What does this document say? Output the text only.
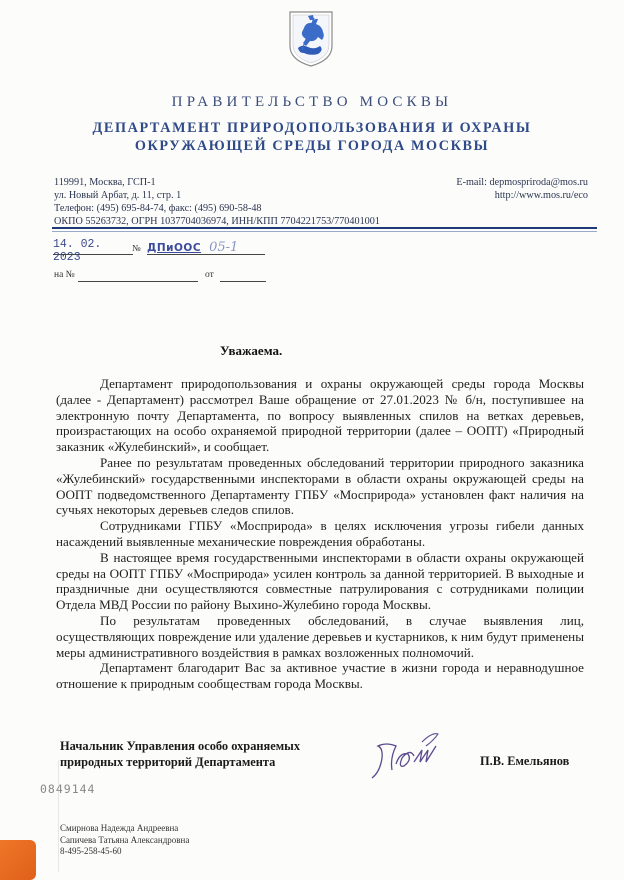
ПРАВИТЕЛЬСТВО МОСКВЫ
ДЕПАРТАМЕНТ ПРИРОДОПОЛЬЗОВАНИЯ И ОХРАНЫ
ОКРУЖАЮЩЕЙ СРЕДЫ ГОРОДА МОСКВЫ
119991, Москва, ГСП-1
ул. Новый Арбат, д. 11, стр. 1
Телефон: (495) 695-84-74, факс: (495) 690-58-48
ОКПО 55263732, ОГРН 1037704036974, ИНН/КПП 7704221753/770401001
E-mail: depmospriroda@mos.ru
http://www.mos.ru/eco
14. 02. 2023
№ ДПиООС 05-1
на №	от
Уважаема.

Департамент природопользования и охраны окружающей среды города Москвы (далее - Департамент) рассмотрел Ваше обращение от 27.01.2023 № б/н, поступившее на электронную почту Департамента, по вопросу выявленных спилов на ветках деревьев, произрастающих на особо охраняемой природной территории (далее – ООПТ) «Природный заказник «Жулебинский», и сообщает.

Ранее по результатам проведенных обследований территории природного заказника «Жулебинский» государственными инспекторами в области охраны окружающей среды на ООПТ подведомственного Департаменту ГПБУ «Мосприрода» установлен факт наличия на сучьях некоторых деревьев следов спилов.

Сотрудниками ГПБУ «Мосприрода» в целях исключения угрозы гибели данных насаждений выявленные механические повреждения обработаны.

В настоящее время государственными инспекторами в области охраны окружающей среды на ООПТ ГПБУ «Мосприрода» усилен контроль за данной территорией. В выходные и праздничные дни осуществляются совместные патрулирования с сотрудниками полиции Отдела МВД России по району Выхино-Жулебино города Москвы.

По результатам проведенных обследований, в случае выявления лиц, осуществляющих повреждение или удаление деревьев и кустарников, к ним будут применены меры административного воздействия в рамках возложенных полномочий.

Департамент благодарит Вас за активное участие в жизни города и неравнодушное отношение к природным сообществам города Москвы.

Начальник Управления особо охраняемых
природных территорий Департамента	П.В. Емельянов
0849144
Смирнова Надежда Андреевна
Сапичева Татьяна Александровна
8-495-258-45-60
